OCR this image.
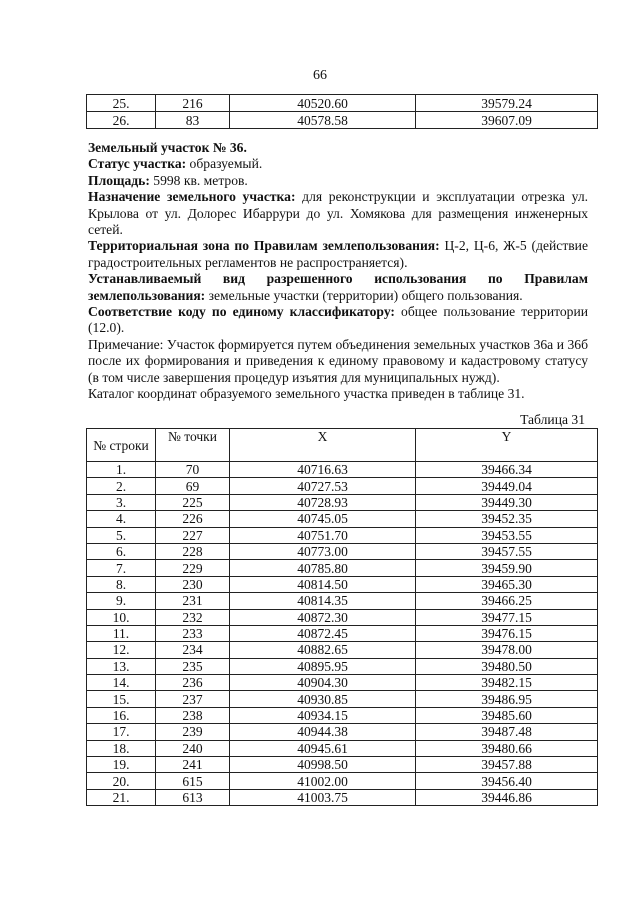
66
25.	216	40520.60	39579.24
26.	83	40578.58	39607.09

Земельный участок № 36.

Статус участка: образуемый.

Площадь: 5998 кв. метров.

Назначение земельного участка: для реконструкции и эксплуатации отрезка ул. Крылова от ул. Долорес Ибаррури до ул. Хомякова для размещения инженерных сетей.

Территориальная зона по Правилам землепользования: Ц-2, Ц-6, Ж-5 (действие градостроительных регламентов не распространяется).

Устанавливаемый вид разрешенного использования по Правилам землепользования: земельные участки (территории) общего пользования.

Соответствие коду по единому классификатору: общее пользование территории (12.0).

Примечание: Участок формируется путем объединения земельных участков 36а и 36б после их формирования и приведения к единому правовому и кадастровому статусу (в том числе завершения процедур изъятия для муниципальных нужд).

Каталог координат образуемого земельного участка приведен в таблице 31.

Таблица 31
№ строки	№ точки	X	Y
1.	70	40716.63	39466.34
2.	69	40727.53	39449.04
3.	225	40728.93	39449.30
4.	226	40745.05	39452.35
5.	227	40751.70	39453.55
6.	228	40773.00	39457.55
7.	229	40785.80	39459.90
8.	230	40814.50	39465.30
9.	231	40814.35	39466.25
10.	232	40872.30	39477.15
11.	233	40872.45	39476.15
12.	234	40882.65	39478.00
13.	235	40895.95	39480.50
14.	236	40904.30	39482.15
15.	237	40930.85	39486.95
16.	238	40934.15	39485.60
17.	239	40944.38	39487.48
18.	240	40945.61	39480.66
19.	241	40998.50	39457.88
20.	615	41002.00	39456.40
21.	613	41003.75	39446.86
